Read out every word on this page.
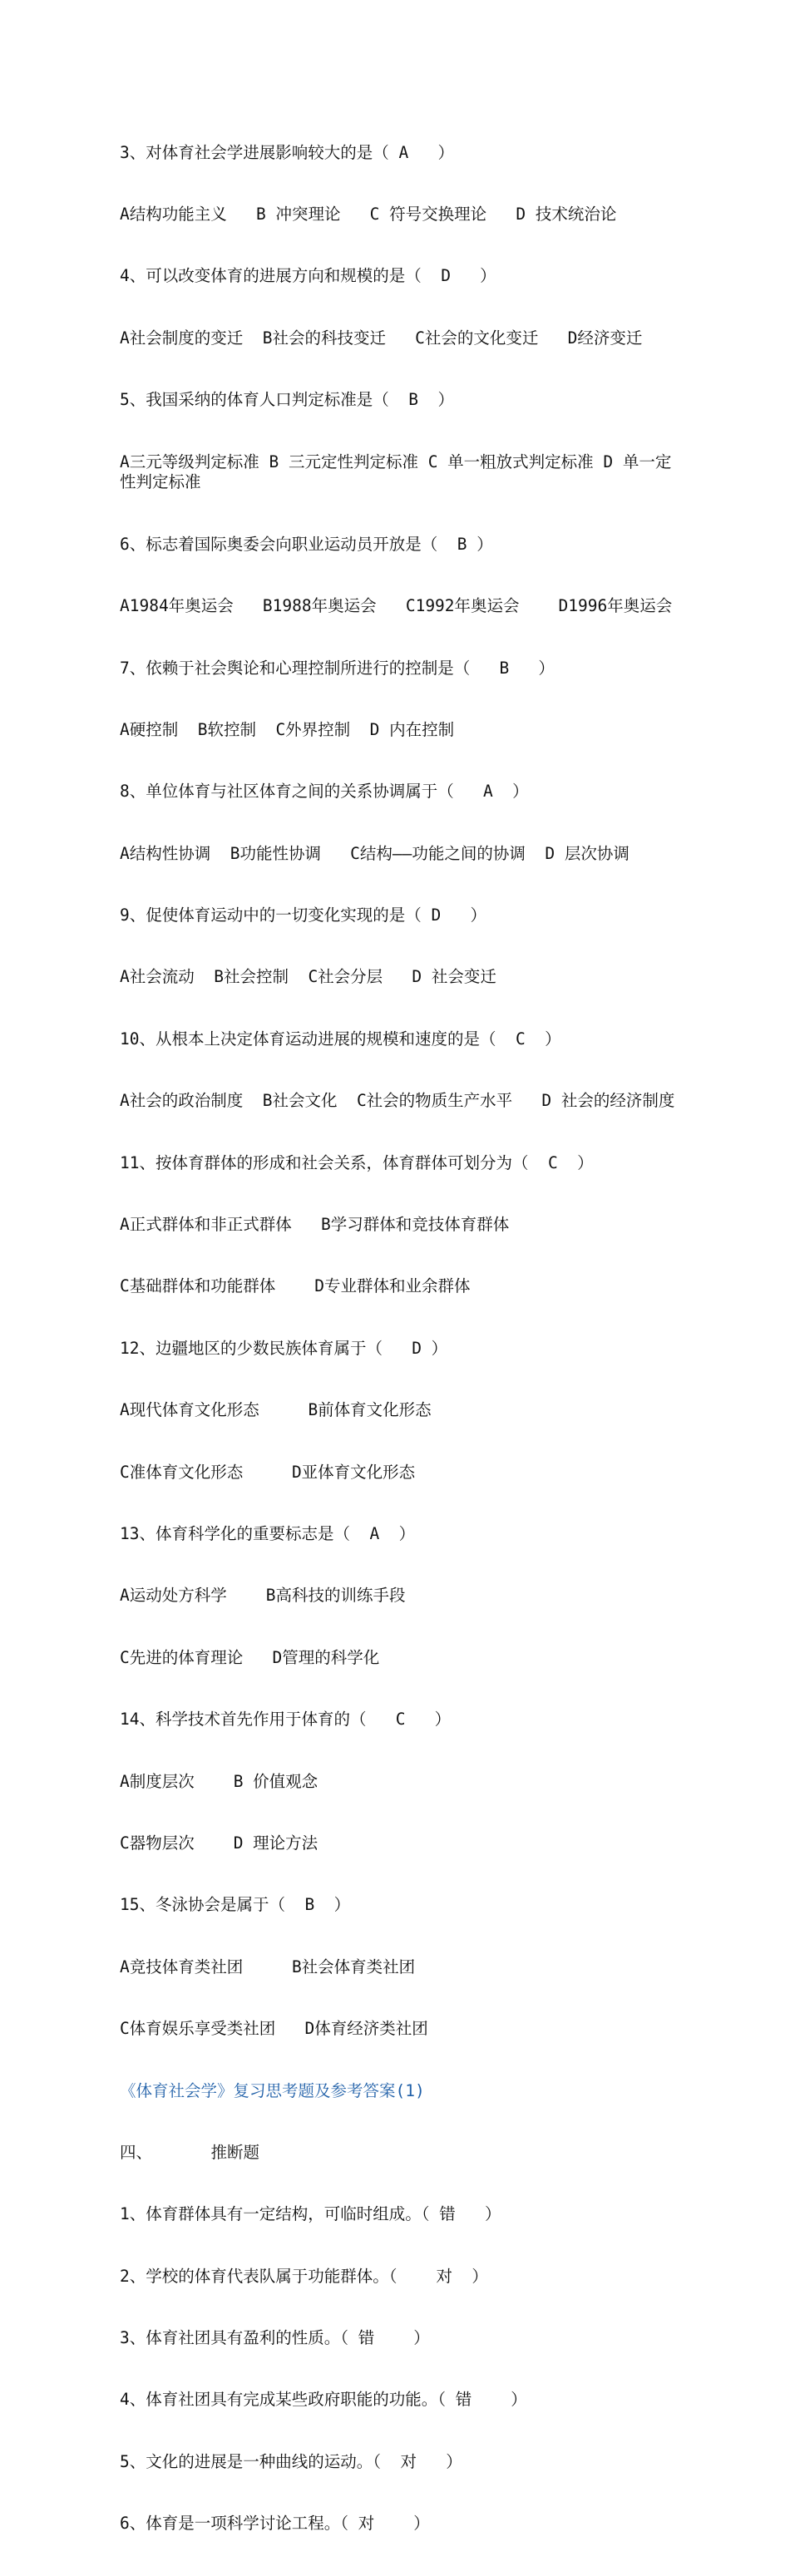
3、对体育社会学进展影响较大的是（ A   ）

A结构功能主义   B 冲突理论   C 符号交换理论   D 技术统治论

4、可以改变体育的进展方向和规模的是（  D   ）

A社会制度的变迁  B社会的科技变迁   C社会的文化变迁   D经济变迁

5、我国采纳的体育人口判定标准是（  B  ）

A三元等级判定标准 B 三元定性判定标准 C 单一粗放式判定标准 D 单一定性判定标准

6、标志着国际奥委会向职业运动员开放是（  B ）

A1984年奥运会   B1988年奥运会   C1992年奥运会    D1996年奥运会

7、依赖于社会舆论和心理控制所进行的控制是（   B   ）

A硬控制  B软控制  C外界控制  D 内在控制

8、单位体育与社区体育之间的关系协调属于（   A  ）

A结构性协调  B功能性协调   C结构——功能之间的协调  D 层次协调

9、促使体育运动中的一切变化实现的是（ D   ）

A社会流动  B社会控制  C社会分层   D 社会变迁

10、从根本上决定体育运动进展的规模和速度的是（  C  ）

A社会的政治制度  B社会文化  C社会的物质生产水平   D 社会的经济制度

11、按体育群体的形成和社会关系，体育群体可划分为（  C  ）

A正式群体和非正式群体   B学习群体和竞技体育群体

C基础群体和功能群体    D专业群体和业余群体

12、边疆地区的少数民族体育属于（   D ）

A现代体育文化形态     B前体育文化形态

C准体育文化形态     D亚体育文化形态

13、体育科学化的重要标志是（  A  ）

A运动处方科学    B高科技的训练手段

C先进的体育理论   D管理的科学化

14、科学技术首先作用于体育的（   C   ）

A制度层次    B 价值观念

C器物层次    D 理论方法

15、冬泳协会是属于（  B  ）

A竞技体育类社团     B社会体育类社团

C体育娱乐享受类社团   D体育经济类社团

《体育社会学》复习思考题及参考答案(1)

四、      推断题

1、体育群体具有一定结构，可临时组成。（ 错   ）

2、学校的体育代表队属于功能群体。（    对  ）

3、体育社团具有盈利的性质。（ 错    ）

4、体育社团具有完成某些政府职能的功能。（ 错    ）

5、文化的进展是一种曲线的运动。（  对   ）

6、体育是一项科学讨论工程。（ 对    ）
